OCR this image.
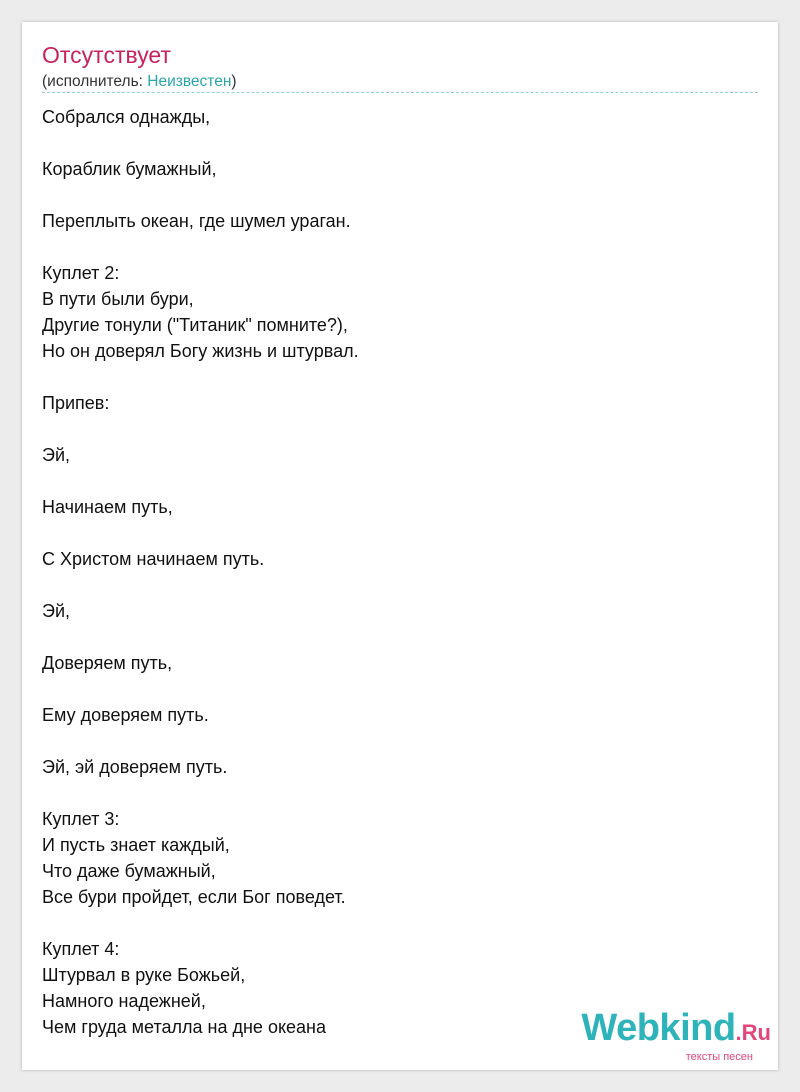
Отсутствует
(исполнитель: Неизвестен)
Собрался однажды,
Кораблик бумажный,
Переплыть океан, где шумел ураган.
Куплет 2:
В пути были бури,
Другие тонули ("Титаник" помните?),
Но он доверял Богу жизнь и штурвал.
Припев:
Эй,
Начинаем путь,
С Христом начинаем путь.
Эй,
Доверяем путь,
Ему доверяем путь.
Эй, эй доверяем путь.
Куплет 3:
И пусть знает каждый,
Что даже бумажный,
Все бури пройдет, если Бог поведет.
Куплет 4:
Штурвал в руке Божьей,
Намного надежней,
Чем груда металла на дне океана	Webkind.Ru
тексты песен
